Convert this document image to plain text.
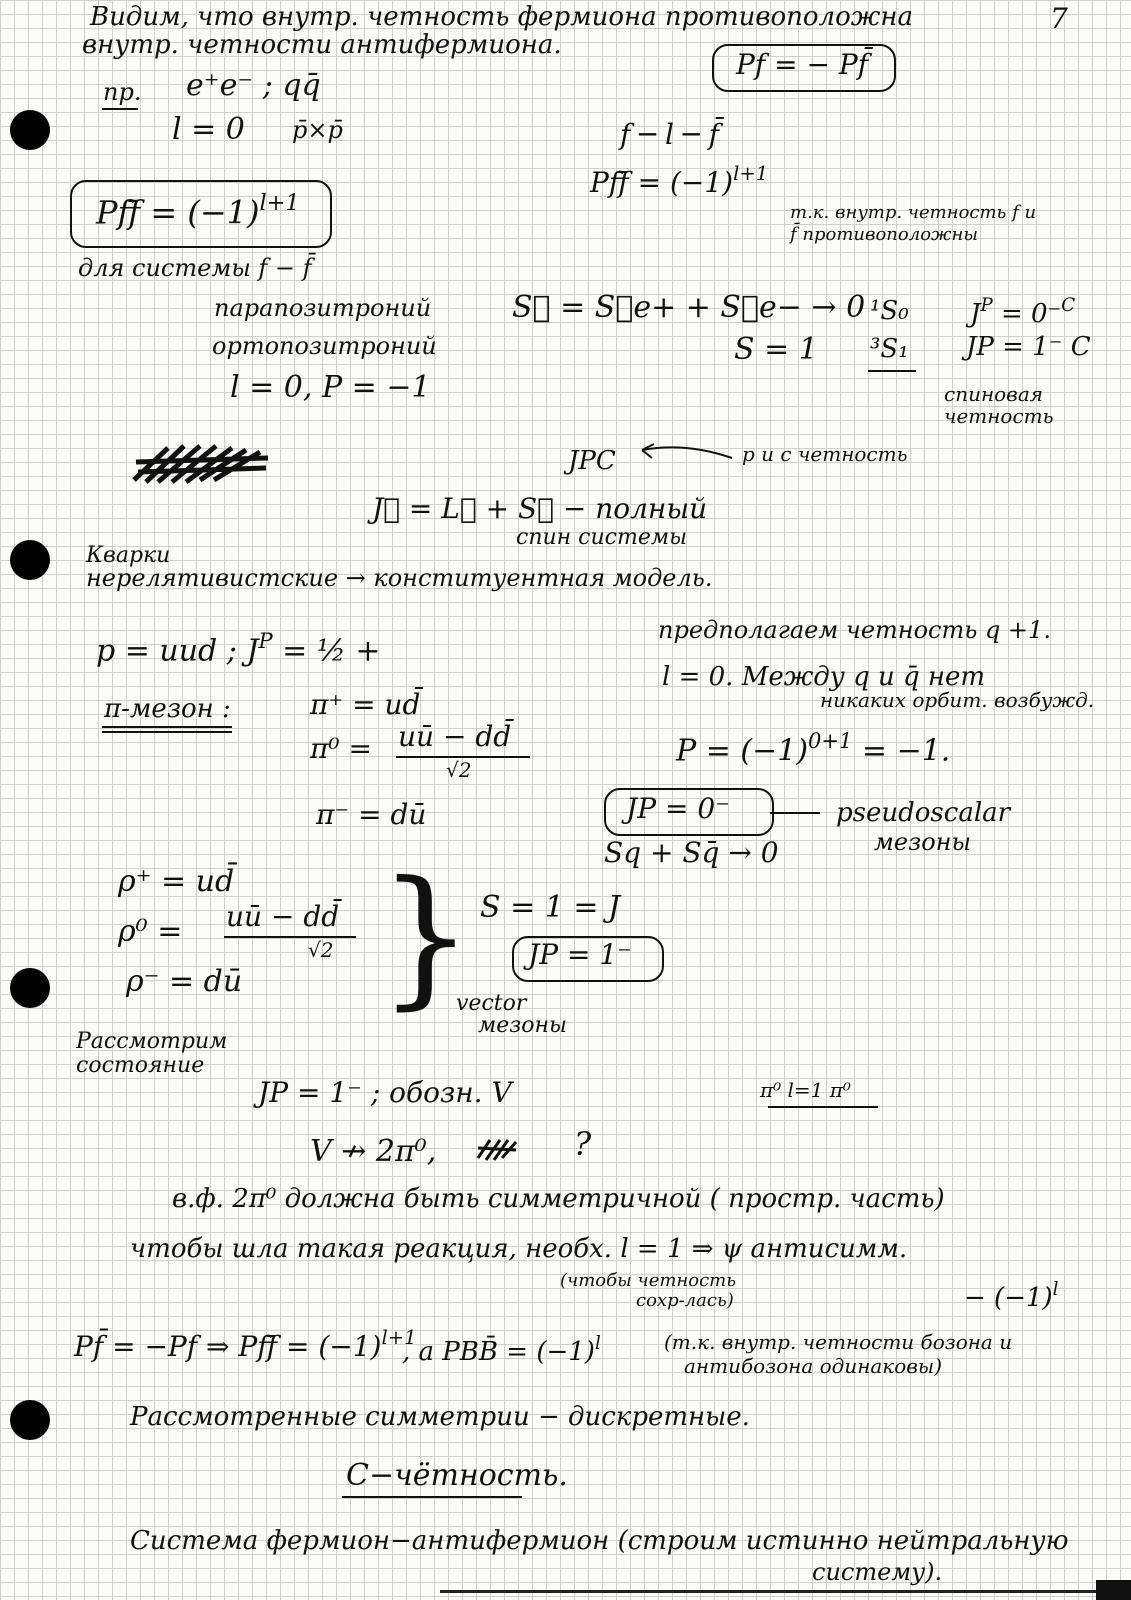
7
Видим, что внутр. четность фермиона противоположна
внутр. четности антифермиона.
Pf = − Pf̄
пр. e⁺e⁻ ; qq̄
l = 0 p̄×p̄	f ─ l ─ f̄
Pff̄ = $(-1)^{l+1}$
т.к. внутр. четность f и
f̄ противоположны
Pff̄ = $(-1)^{l+1}$
для системы f − f̄
парапозитроний	S⃗ = S⃗e+ + S⃗e− → 0 ¹S₀ $J^P = 0^-^C$
ортопозитроний	S = 1 ³S₁ JP = 1⁻ C
l = 0, P = −1	спиновая
четность
JPC	p и c четность
J⃗ = L⃗ + S⃗ − полный
спин системы
Кварки
нерелятивистские → конституентная модель.
p = uud ; $J^P$ = ½ +
предполагаем четность q +1.
l = 0. Между q и q̄ нет
никаких орбит. возбужд.
π-мезон :	π⁺ = ud̄
π⁰ = uū − dd̄
√2
π⁻ = dū
$P = (-1)^{0+1} = -1$.
JP = 0⁻	pseudoscalar
мезоны
Sq + Sq̄ → 0
ρ⁺ = ud̄
ρ⁰ = uū − dd̄
√2
ρ⁻ = dū } S = 1 = J
JP = 1⁻
vector
мезоны
Рассмотрим
состояние
JP = 1⁻ ; обозн. V	π⁰ l=1 π⁰
V ↛ 2π⁰,	?
в.ф. 2π⁰ должна быть симметричной ( простр. часть)
чтобы шла такая реакция, необх. l = 1 ⇒ ψ антисимм.
(чтобы четность
сохр-лась)	− $(-1)^l$
Pf̄ = −Pf ⇒ Pff̄ = $(-1)^{l+1}$
, а PBB̄ = $(-1)^l$	(т.к. внутр. четности бозона и
антибозона одинаковы)
Рассмотренные симметрии − дискретные.
C−чётность.
Система фермион−антифермион (строим истинно нейтральную
систему).
